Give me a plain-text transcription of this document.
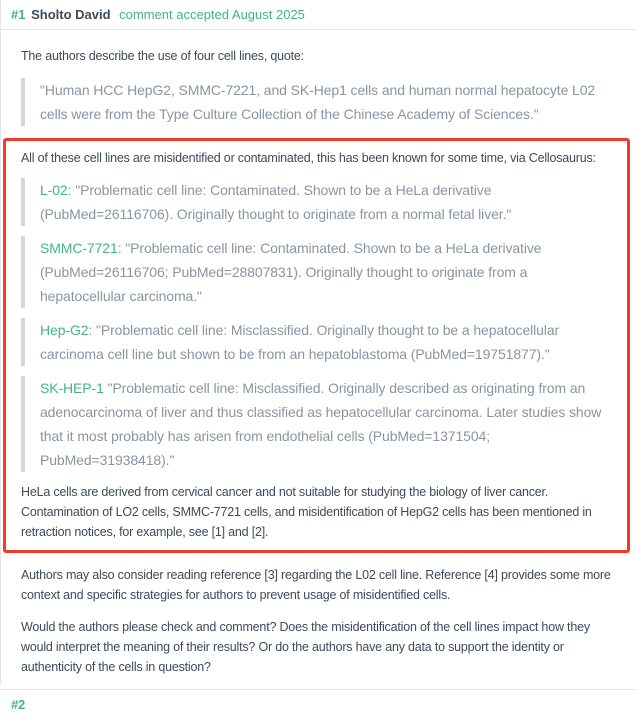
#1 Sholto David comment accepted August 2025

The authors describe the use of four cell lines, quote:

"Human HCC HepG2, SMMC-7221, and SK-Hep1 cells and human normal hepatocyte L02 cells were from the Type Culture Collection of the Chinese Academy of Sciences."

All of these cell lines are misidentified or contaminated, this has been known for some time, via Cellosaurus:

L-02: "Problematic cell line: Contaminated. Shown to be a HeLa derivative (PubMed=26116706). Originally thought to originate from a normal fetal liver."
SMMC-7721: "Problematic cell line: Contaminated. Shown to be a HeLa derivative (PubMed=26116706; PubMed=28807831). Originally thought to originate from a hepatocellular carcinoma."
Hep-G2: "Problematic cell line: Misclassified. Originally thought to be a hepatocellular carcinoma cell line but shown to be from an hepatoblastoma (PubMed=19751877)."
SK-HEP-1 "Problematic cell line: Misclassified. Originally described as originating from an adenocarcinoma of liver and thus classified as hepatocellular carcinoma. Later studies show that it most probably has arisen from endothelial cells (PubMed=1371504; PubMed=31938418)."

HeLa cells are derived from cervical cancer and not suitable for studying the biology of liver cancer. Contamination of LO2 cells, SMMC-7721 cells, and misidentification of HepG2 cells has been mentioned in retraction notices, for example, see [1] and [2].

Authors may also consider reading reference [3] regarding the L02 cell line. Reference [4] provides some more context and specific strategies for authors to prevent usage of misidentified cells.

Would the authors please check and comment? Does the misidentification of the cell lines impact how they would interpret the meaning of their results? Or do the authors have any data to support the identity or authenticity of the cells in question?

#2
